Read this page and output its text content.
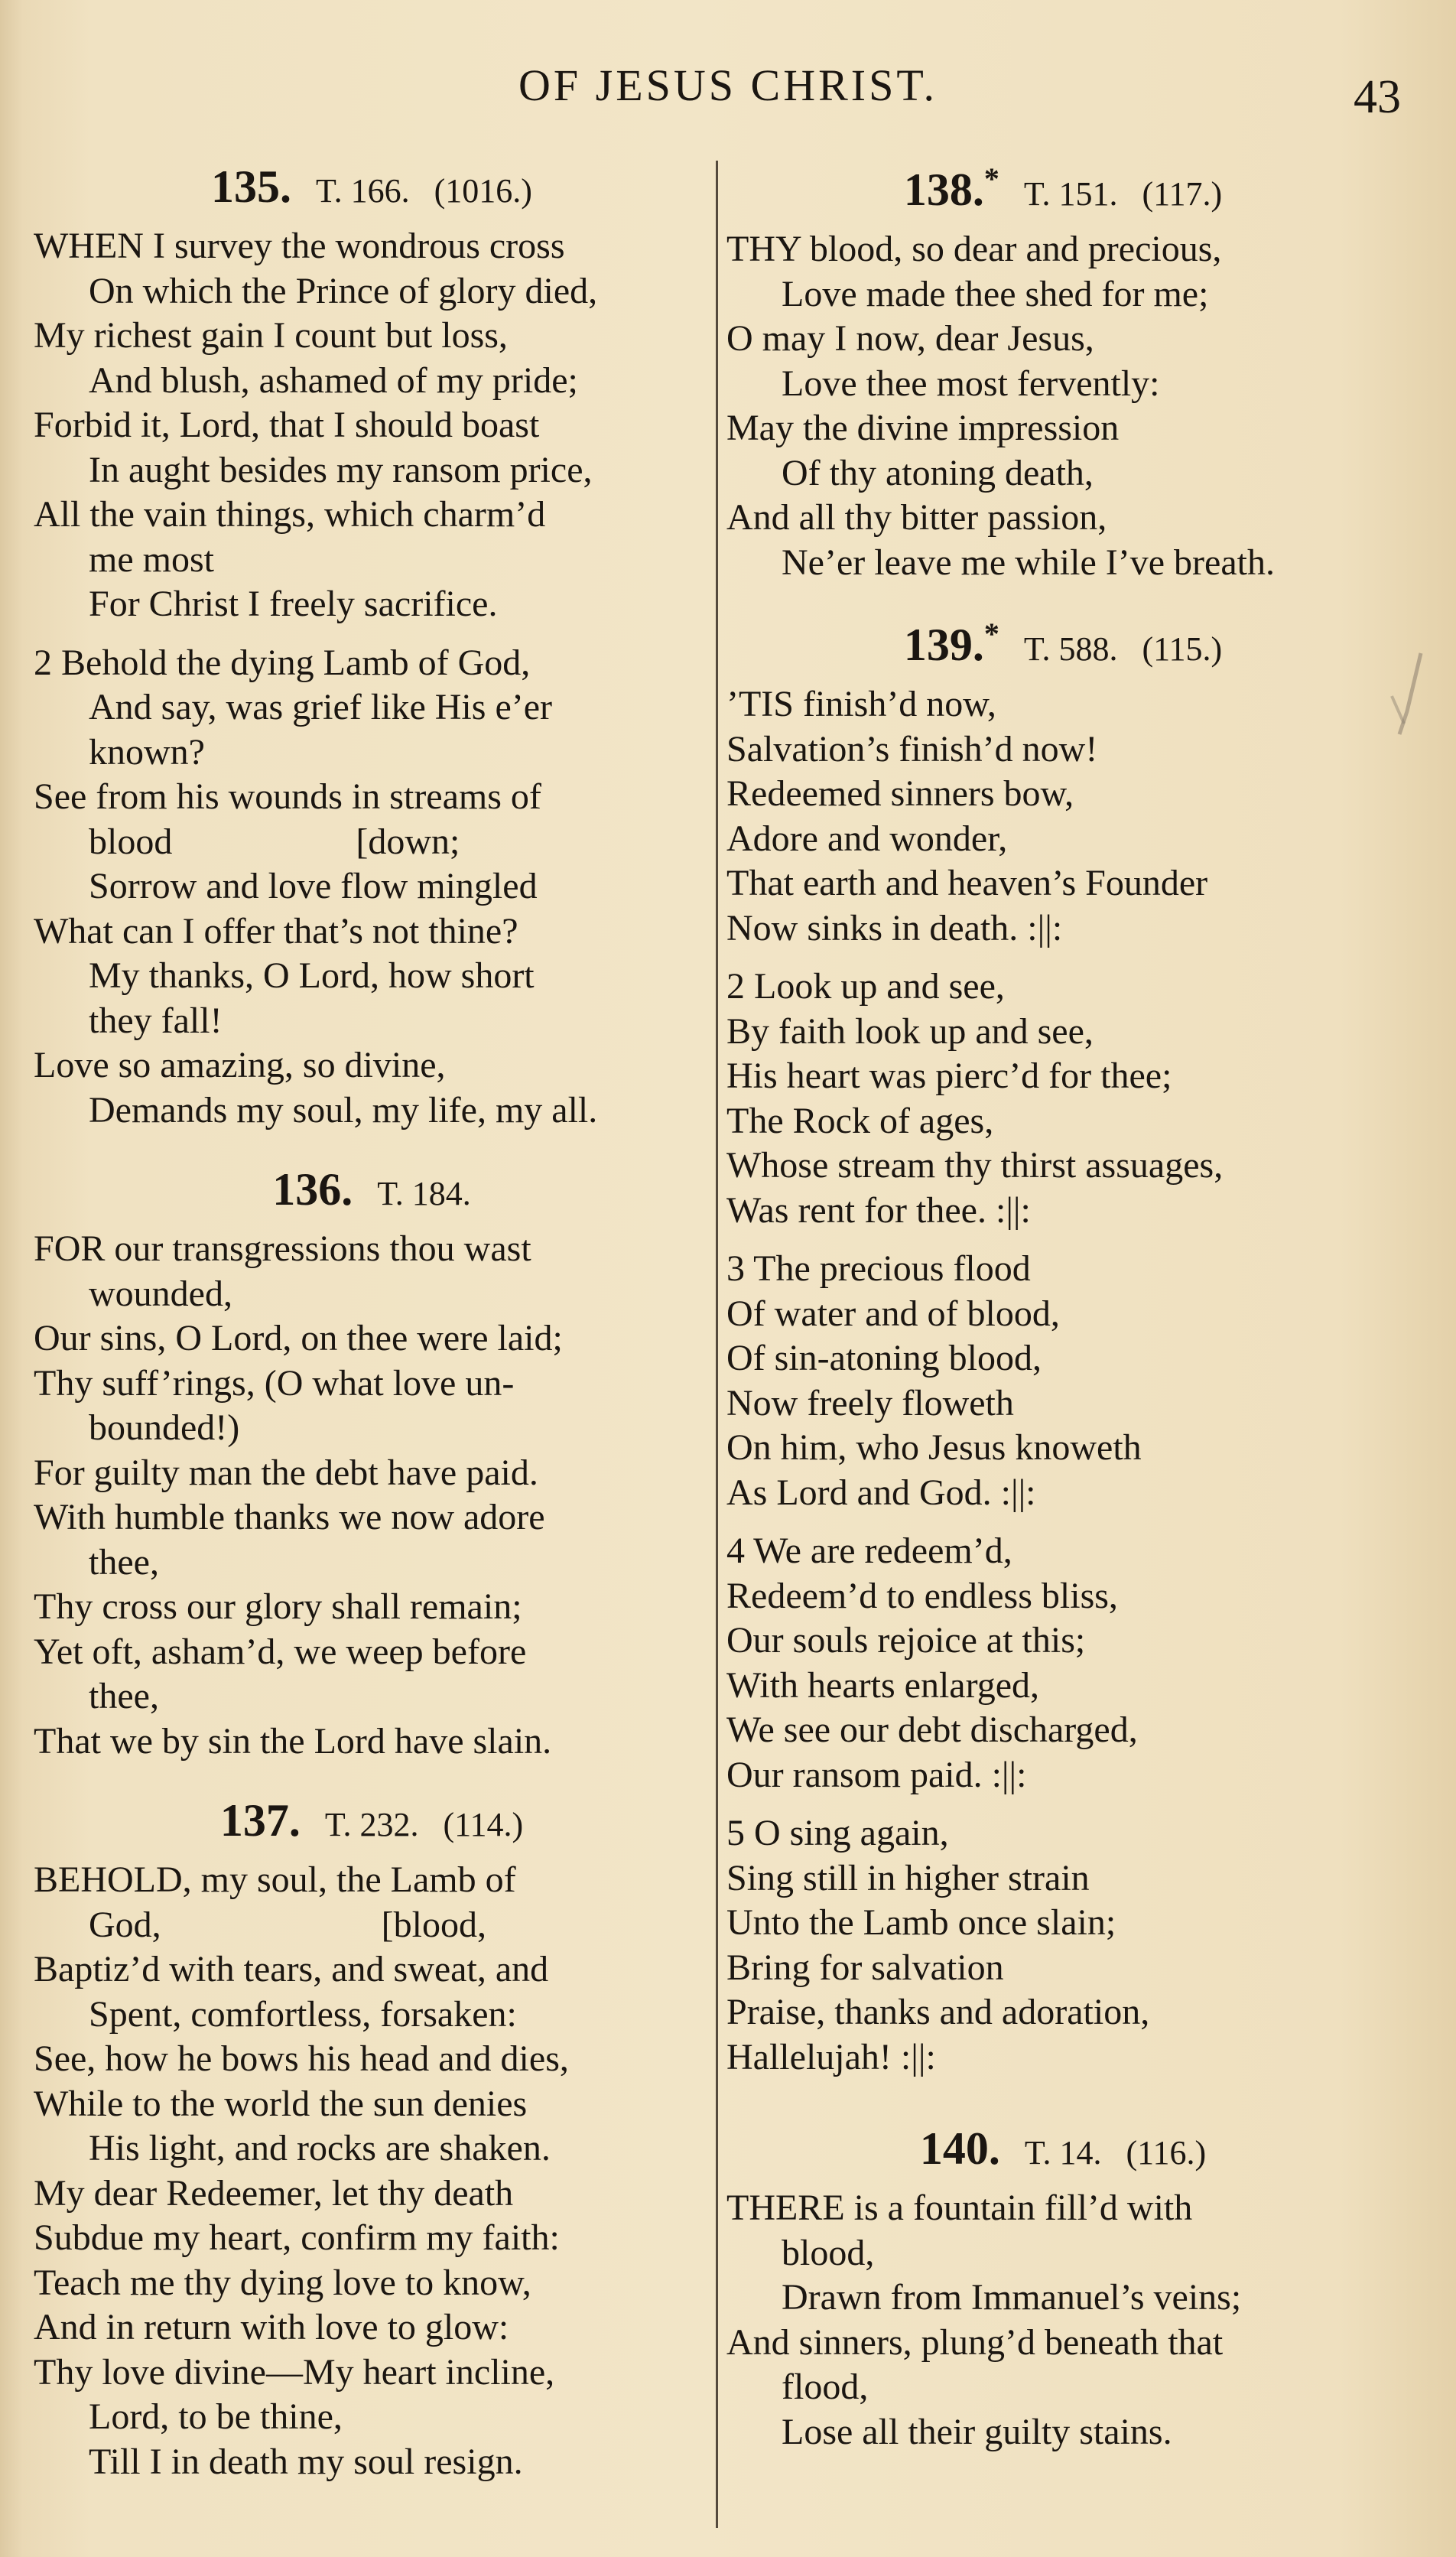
OF JESUS CHRIST.	43
135. T. 166. (1016.)
WHEN I survey the wondrous cross
On which the Prince of glory died,
My richest gain I count but loss,
And blush, ashamed of my pride;
Forbid it, Lord, that I should boast
In aught besides my ransom price,
All the vain things, which charm’d
me most
For Christ I freely sacrifice.
2 Behold the dying Lamb of God,
And say, was grief like His e’er
known?
See from his wounds in streams of
blood                    [down;
Sorrow and love flow mingled
What can I offer that’s not thine?
My thanks, O Lord, how short
they fall!
Love so amazing, so divine,
Demands my soul, my life, my all.
136. T. 184.
FOR our transgressions thou wast
wounded,
Our sins, O Lord, on thee were laid;
Thy suff’rings, (O what love un-
bounded!)
For guilty man the debt have paid.
With humble thanks we now adore
thee,
Thy cross our glory shall remain;
Yet oft, asham’d, we weep before
thee,
That we by sin the Lord have slain.
137. T. 232. (114.)
BEHOLD, my soul, the Lamb of
God,                        [blood,
Baptiz’d with tears, and sweat, and
Spent, comfortless, forsaken:
See, how he bows his head and dies,
While to the world the sun denies
His light, and rocks are shaken.
My dear Redeemer, let thy death
Subdue my heart, confirm my faith:
Teach me thy dying love to know,
And in return with love to glow:
Thy love divine—My heart incline,
Lord, to be thine,
Till I in death my soul resign.
138.* T. 151. (117.)
THY blood, so dear and precious,
Love made thee shed for me;
O may I now, dear Jesus,
Love thee most fervently:
May the divine impression
Of thy atoning death,
And all thy bitter passion,
Ne’er leave me while I’ve breath.
139.* T. 588. (115.)
’TIS finish’d now,
Salvation’s finish’d now!
Redeemed sinners bow,
Adore and wonder,
That earth and heaven’s Founder
Now sinks in death. :||:
2 Look up and see,
By faith look up and see,
His heart was pierc’d for thee;
The Rock of ages,
Whose stream thy thirst assuages,
Was rent for thee. :||:
3 The precious flood
Of water and of blood,
Of sin-atoning blood,
Now freely floweth
On him, who Jesus knoweth
As Lord and God. :||:
4 We are redeem’d,
Redeem’d to endless bliss,
Our souls rejoice at this;
With hearts enlarged,
We see our debt discharged,
Our ransom paid. :||:
5 O sing again,
Sing still in higher strain
Unto the Lamb once slain;
Bring for salvation
Praise, thanks and adoration,
Hallelujah! :||:
140. T. 14. (116.)
THERE is a fountain fill’d with
blood,
Drawn from Immanuel’s veins;
And sinners, plung’d beneath that
flood,
Lose all their guilty stains.
